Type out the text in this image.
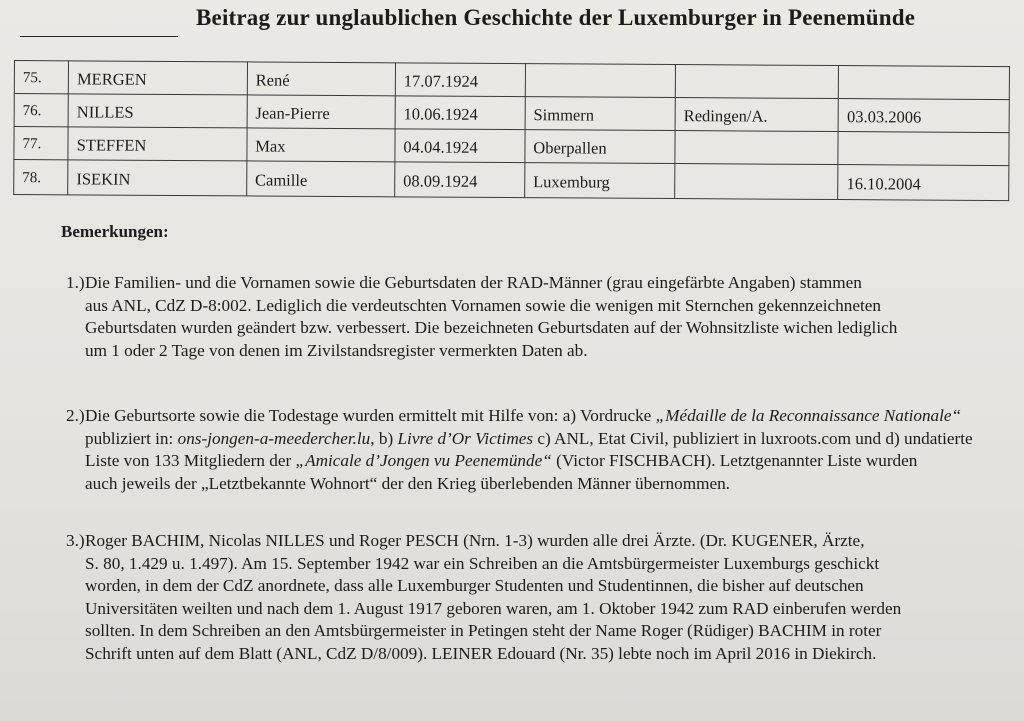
Beitrag zur unglaublichen Geschichte der Luxemburger in Peenemünde
75.	MERGEN	René	17.07.1924			
76.	NILLES	Jean-Pierre	10.06.1924	Simmern	Redingen/A.	03.03.2006
77.	STEFFEN	Max	04.04.1924	Oberpallen		
78.	ISEKIN	Camille	08.09.1924	Luxemburg		16.10.2004
Bemerkungen:
1.) Die Familien- und die Vornamen sowie die Geburtsdaten der RAD-Männer (grau eingefärbte Angaben) stammen
aus ANL, CdZ D-8:002. Lediglich die verdeutschten Vornamen sowie die wenigen mit Sternchen gekennzeichneten
Geburtsdaten wurden geändert bzw. verbessert. Die bezeichneten Geburtsdaten auf der Wohnsitzliste wichen lediglich
um 1 oder 2 Tage von denen im Zivilstandsregister vermerkten Daten ab.
2.) Die Geburtsorte sowie die Todestage wurden ermittelt mit Hilfe von: a) Vordrucke „Médaille de la Reconnaissance Nationale“
publiziert in: ons-jongen-a-meedercher.lu, b) Livre d’Or Victimes c) ANL, Etat Civil, publiziert in luxroots.com und d) undatierte
Liste von 133 Mitgliedern der „Amicale d’Jongen vu Peenemünde“ (Victor FISCHBACH). Letztgenannter Liste wurden
auch jeweils der „Letztbekannte Wohnort“ der den Krieg überlebenden Männer übernommen.
3.) Roger BACHIM, Nicolas NILLES und Roger PESCH (Nrn. 1-3) wurden alle drei Ärzte. (Dr. KUGENER, Ärzte,
S. 80, 1.429 u. 1.497). Am 15. September 1942 war ein Schreiben an die Amtsbürgermeister Luxemburgs geschickt
worden, in dem der CdZ anordnete, dass alle Luxemburger Studenten und Studentinnen, die bisher auf deutschen
Universitäten weilten und nach dem 1. August 1917 geboren waren, am 1. Oktober 1942 zum RAD einberufen werden
sollten. In dem Schreiben an den Amtsbürgermeister in Petingen steht der Name Roger (Rüdiger) BACHIM in roter
Schrift unten auf dem Blatt (ANL, CdZ D/8/009). LEINER Edouard (Nr. 35) lebte noch im April 2016 in Diekirch.
